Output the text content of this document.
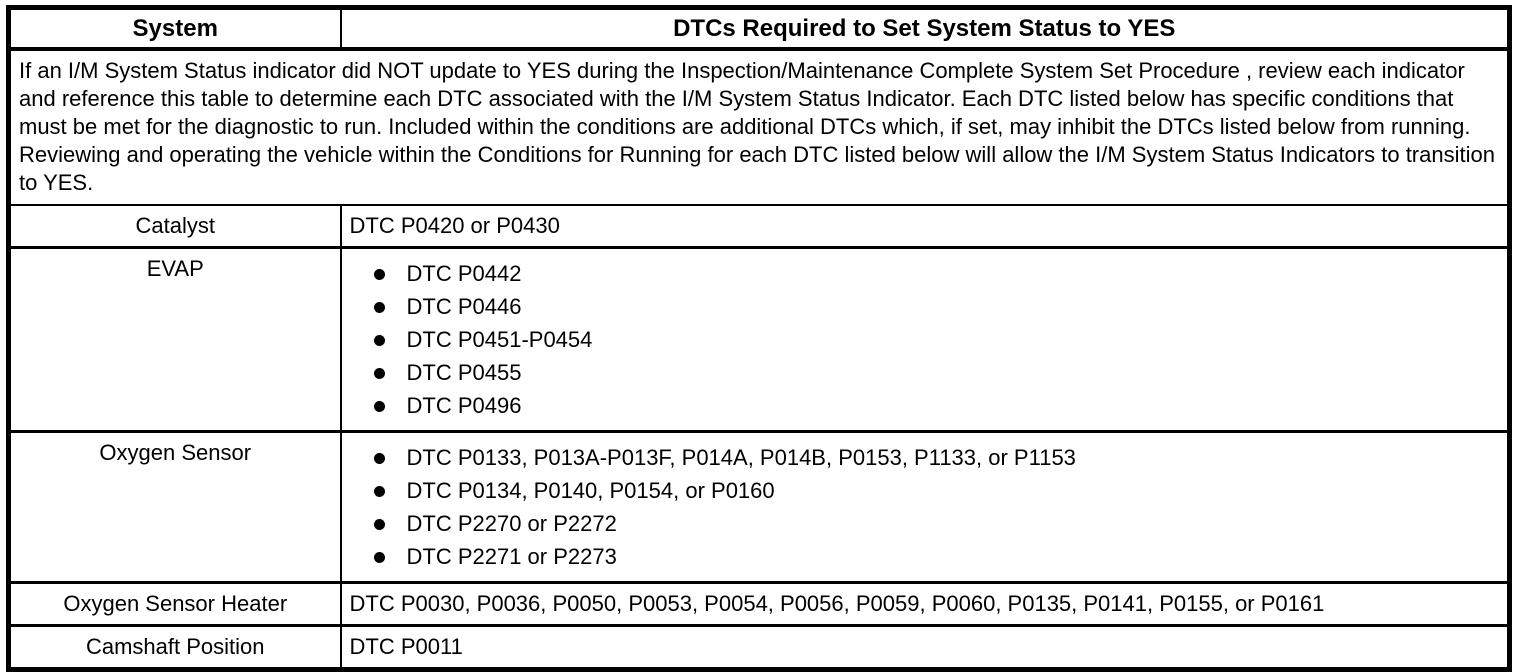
System	DTCs Required to Set System Status to YES
If an I/M System Status indicator did NOT update to YES during the Inspection/Maintenance Complete System Set Procedure , review each indicator and reference this table to determine each DTC associated with the I/M System Status Indicator. Each DTC listed below has specific conditions that must be met for the diagnostic to run. Included within the conditions are additional DTCs which, if set, may inhibit the DTCs listed below from running. Reviewing and operating the vehicle within the Conditions for Running for each DTC listed below will allow the I/M System Status Indicators to transition to YES.	
Catalyst	DTC P0420 or P0430
EVAP	DTC P0442
DTC P0446
DTC P0451-P0454
DTC P0455
DTC P0496

Oxygen Sensor	DTC P0133, P013A-P013F, P014A, P014B, P0153, P1133, or P1153
DTC P0134, P0140, P0154, or P0160
DTC P2270 or P2272
DTC P2271 or P2273

Oxygen Sensor Heater	DTC P0030, P0036, P0050, P0053, P0054, P0056, P0059, P0060, P0135, P0141, P0155, or P0161
Camshaft Position	DTC P0011
